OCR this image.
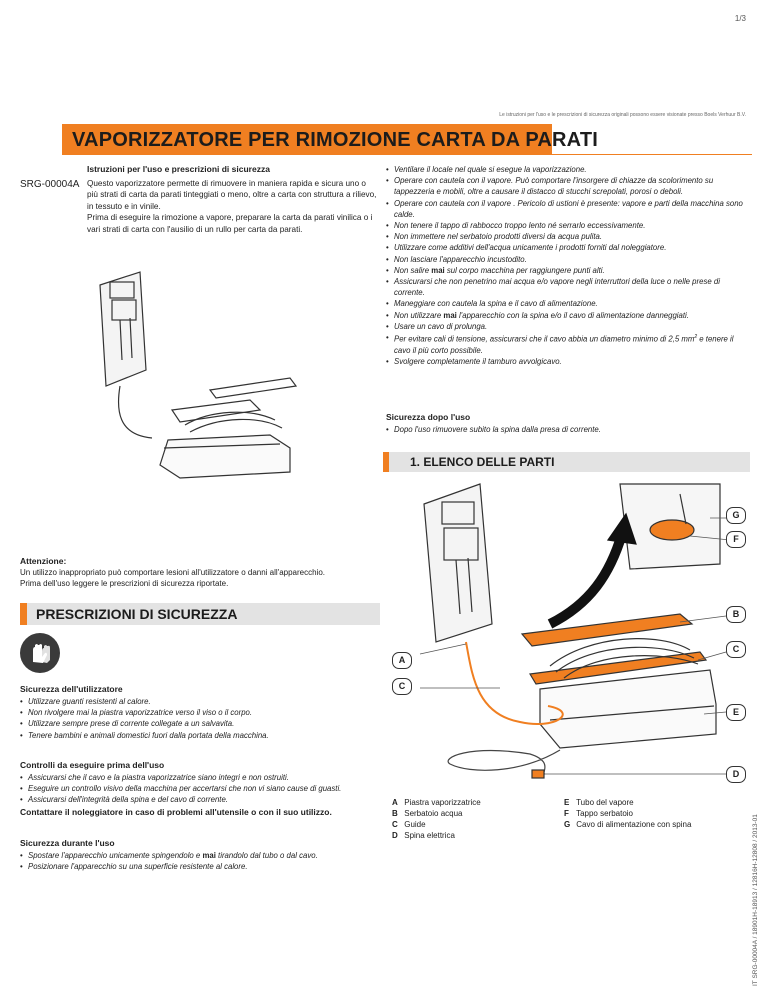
1/3
Le istruzioni per l'uso e le prescrizioni di sicurezza originali possono essere visionate presso Boels Verhuur B.V.
VAPORIZZATORE PER RIMOZIONE CARTA DA PARATI
SRG-00004A
Istruzioni per l'uso e prescrizioni di sicurezza

Questo vaporizzatore permette di rimuovere in maniera rapida e sicura uno o più strati di carta da parati tinteggiati o meno, oltre a carta con struttura a rilievo, in tessuto e in vinile.

Prima di eseguire la rimozione a vapore, preparare la carta da parati vinilica o i vari strati di carta con l'ausilio di un rullo per carta da parati.

• Ventilare il locale nel quale si esegue la vaporizzazione.
• Operare con cautela con il vapore. Può comportare l'insorgere di chiazze da scolorimento su tappezzeria e mobili, oltre a causare il distacco di stucchi screpolati, porosi o deboli.
• Operare con cautela con il vapore . Pericolo di ustioni è presente: vapore e parti della macchina sono calde.
• Non tenere il tappo di rabbocco troppo lento né serrarlo eccessivamente.
• Non immettere nel serbatoio prodotti diversi da acqua pulita.
• Utilizzare come additivi dell'acqua unicamente i prodotti forniti dal noleggiatore.
• Non lasciare l'apparecchio incustodito.
• Non salire mai sul corpo macchina per raggiungere punti alti.
• Assicurarsi che non penetrino mai acqua e/o vapore negli interruttori della luce o nelle prese di corrente.
• Maneggiare con cautela la spina e il cavo di alimentazione.
• Non utilizzare mai l'apparecchio con la spina e/o il cavo di alimentazione danneggiati.
• Usare un cavo di prolunga.
• Per evitare cali di tensione, assicurarsi che il cavo abbia un diametro minimo di 2,5 $mm^2$ e tenere il cavo il più corto possibile.
• Svolgere completamente il tamburo avvolgicavo.
Sicurezza dopo l'uso
• Dopo l'uso rimuovere subito la spina dalla presa di corrente.
1. ELENCO DELLE PARTI
G
F
B
C
A
C
E
D
Attenzione:
Un utilizzo inappropriato può comportare lesioni all'utilizzatore o danni all'apparecchio.
Prima dell'uso leggere le prescrizioni di sicurezza riportate.
PRESCRIZIONI DI SICUREZZA
Sicurezza dell'utilizzatore
• Utilizzare guanti resistenti al calore.
• Non rivolgere mai la piastra vaporizzatrice verso il viso o il corpo.
• Utilizzare sempre prese di corrente collegate a un salvavita.
• Tenere bambini e animali domestici fuori dalla portata della macchina.
Controlli da eseguire prima dell'uso
• Assicurarsi che il cavo e la piastra vaporizzatrice siano integri e non ostruiti.
• Eseguire un controllo visivo della macchina per accertarsi che non vi siano cause di guasti.
• Assicurarsi dell'integrità della spina e del cavo di corrente.
Contattare il noleggiatore in caso di problemi all'utensile o con il suo utilizzo.
Sicurezza durante l'uso
• Spostare l'apparecchio unicamente spingendolo e mai tirandolo dal tubo o dal cavo.
• Posizionare l'apparecchio su una superficie resistente al calore.
A Piastra vaporizzatrice
B Serbatoio acqua
C Guide
D Spina elettrica
E Tubo del vapore
F Tappo serbatoio
G Cavo di alimentazione con spina	IT SRG-00004A / 18901H-18913 / 12816H-12808 / 2013-01
